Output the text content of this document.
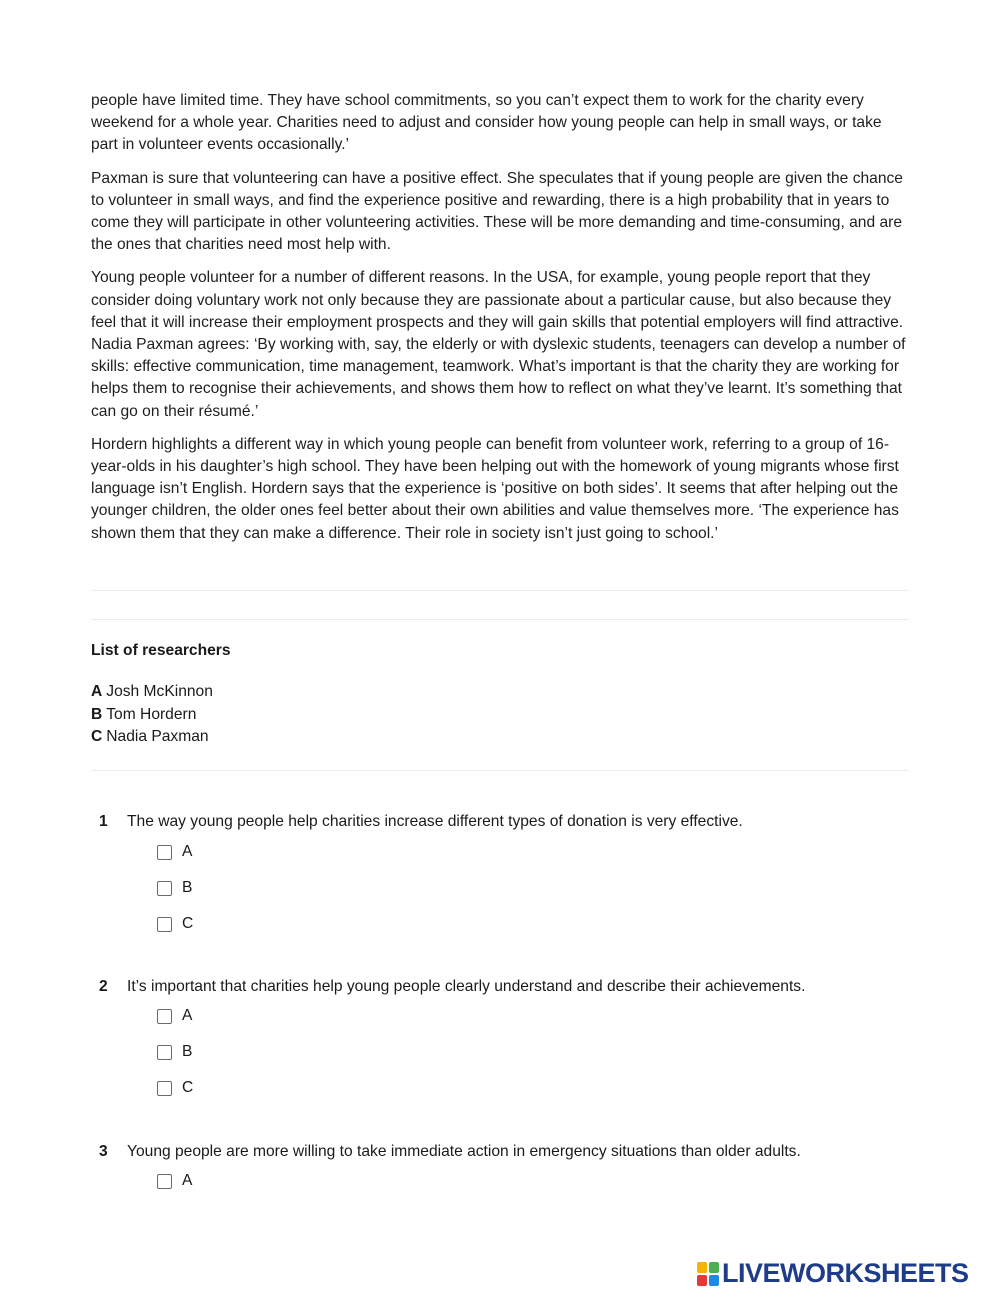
people have limited time. They have school commitments, so you can’t expect them to work for the charity every weekend for a whole year. Charities need to adjust and consider how young people can help in small ways, or take part in volunteer events occasionally.’

Paxman is sure that volunteering can have a positive effect. She speculates that if young people are given the chance to volunteer in small ways, and find the experience positive and rewarding, there is a high probability that in years to come they will participate in other volunteering activities. These will be more demanding and time-consuming, and are the ones that charities need most help with.

Young people volunteer for a number of different reasons. In the USA, for example, young people report that they consider doing voluntary work not only because they are passionate about a particular cause, but also because they feel that it will increase their employment prospects and they will gain skills that potential employers will find attractive. Nadia Paxman agrees: ‘By working with, say, the elderly or with dyslexic students, teenagers can develop a number of skills: effective communication, time management, teamwork. What’s important is that the charity they are working for helps them to recognise their achievements, and shows them how to reflect on what they’ve learnt. It’s something that can go on their résumé.’

Hordern highlights a different way in which young people can benefit from volunteer work, referring to a group of 16-year-olds in his daughter’s high school. They have been helping out with the homework of young migrants whose first language isn’t English. Hordern says that the experience is ‘positive on both sides’. It seems that after helping out the younger children, the older ones feel better about their own abilities and value themselves more. ‘The experience has shown them that they can make a difference. Their role in society isn’t just going to school.’

List of researchers
A Josh McKinnon
B Tom Hordern
C Nadia Paxman
1	The way young people help charities increase different types of donation is very effective.
A
B
C
2	It’s important that charities help young people clearly understand and describe their achievements.
A
B
C
3	Young people are more willing to take immediate action in emergency situations than older adults.
A
LIVEWORKSHEETS
